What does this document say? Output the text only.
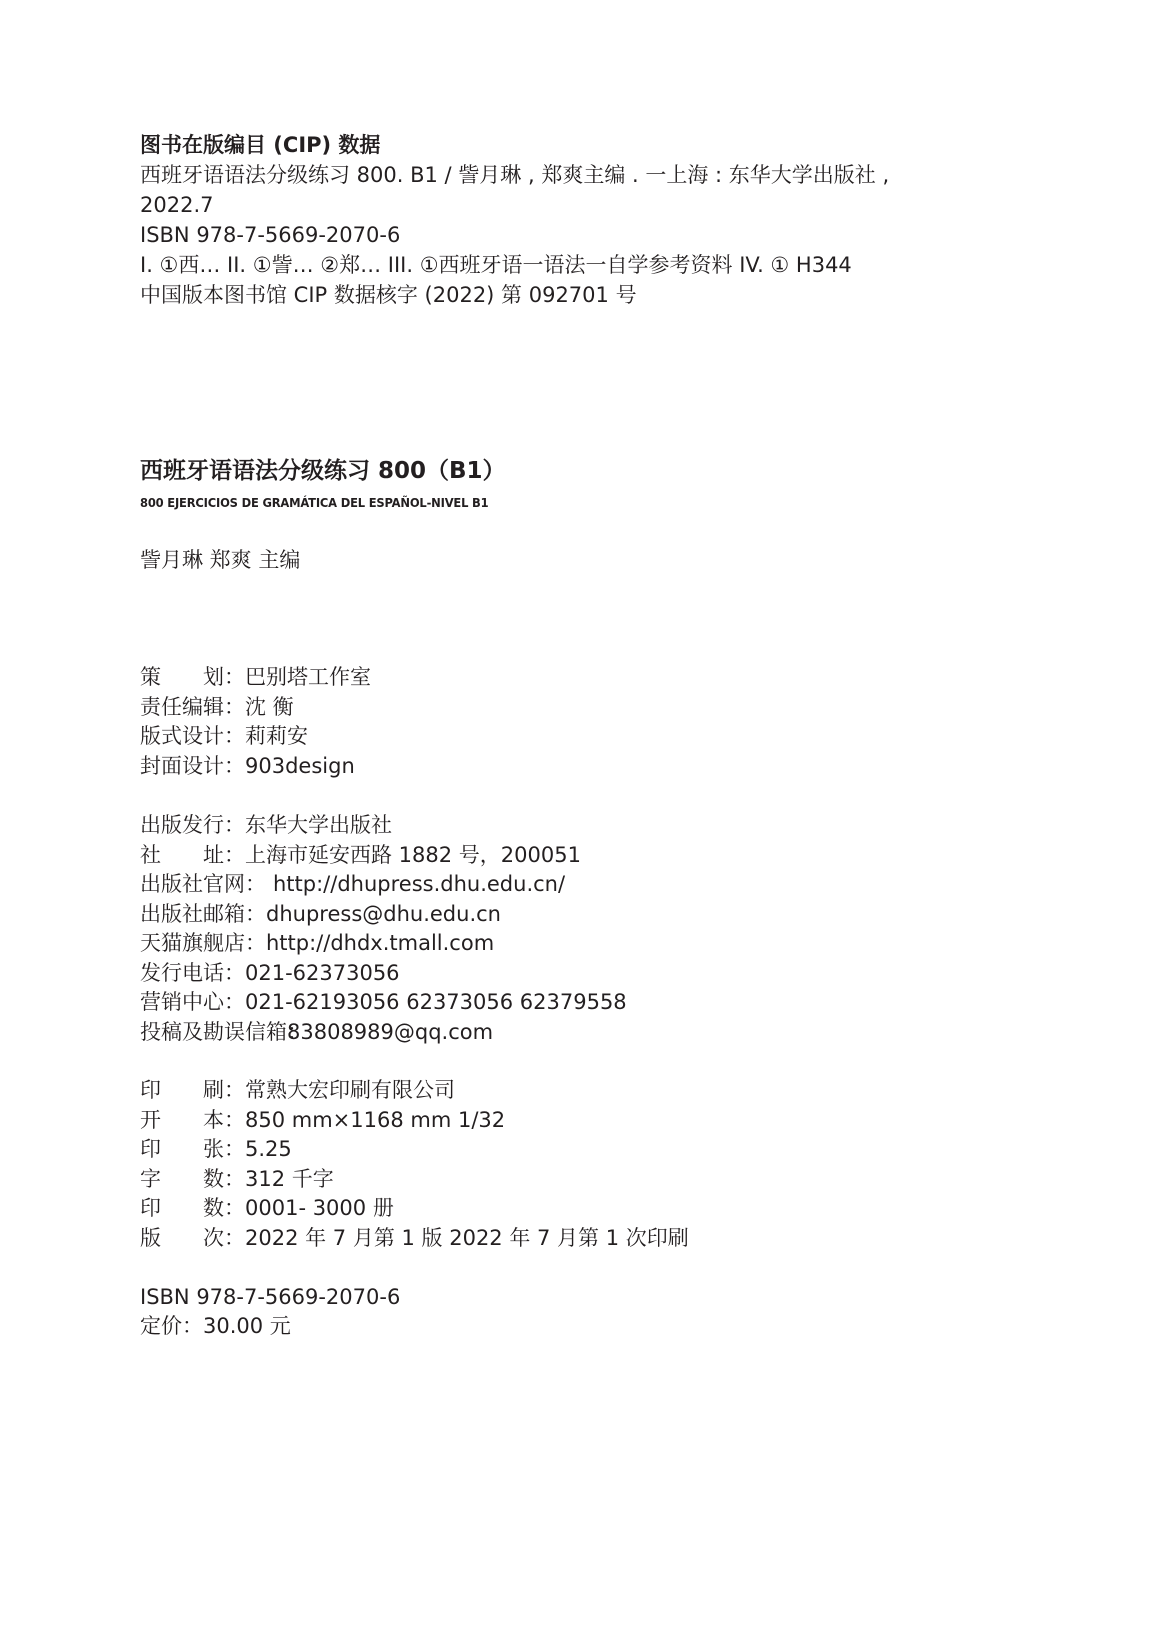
图书在版编目 (CIP) 数据
西班牙语语法分级练习 800. B1 / 訾月琳 , 郑爽主编 . 一上海 : 东华大学出版社 ,
2022.7
ISBN 978-7-5669-2070-6
I. ①西… II. ①訾… ②郑… III. ①西班牙语一语法一自学参考资料 IV. ① H344
中国版本图书馆 CIP 数据核字 (2022) 第 092701 号
西班牙语语法分级练习 800（B1）
800 EJERCICIOS DE GRAMÁTICA DEL ESPAÑOL-NIVEL B1
訾月琳 郑爽 主编
策 划： 巴别塔工作室
责任编辑： 沈 衡
版式设计： 莉莉安
封面设计： 903design
出版发行： 东华大学出版社
社 址： 上海市延安西路 1882 号，200051
出版社官网： http://dhupress.dhu.edu.cn/
出版社邮箱： dhupress@dhu.edu.cn
天猫旗舰店： http://dhdx.tmall.com
发行电话： 021-62373056
营销中心： 021-62193056 62373056 62379558
投稿及勘误信箱：
83808989@qq.com
印 刷： 常熟大宏印刷有限公司
开 本： 850 mm×1168 mm 1/32
印 张： 5.25
字 数： 312 千字
印 数： 0001- 3000 册
版 次： 2022 年 7 月第 1 版 2022 年 7 月第 1 次印刷
ISBN 978-7-5669-2070-6
定价：30.00 元
